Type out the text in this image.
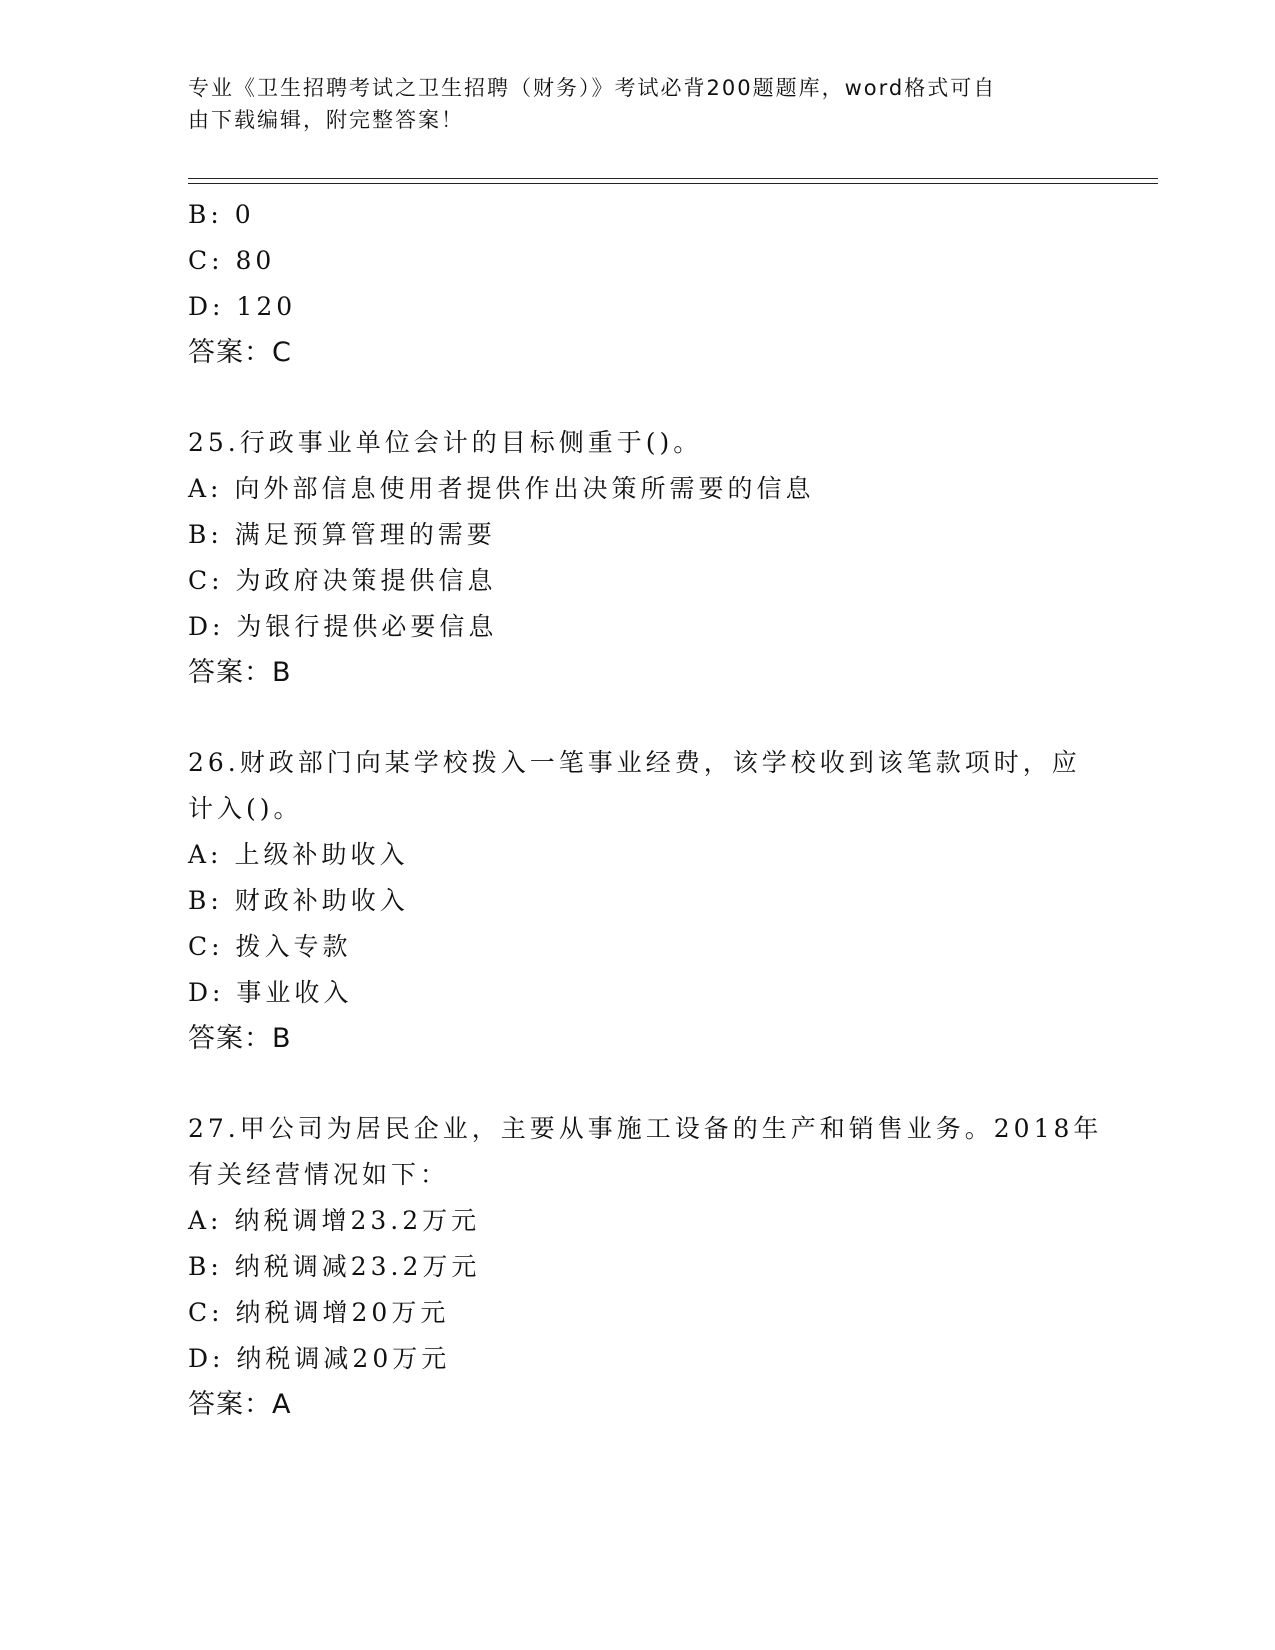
专业《卫生招聘考试之卫生招聘（财务）》考试必背200题题库，word格式可自
由下载编辑，附完整答案！
B: 0
C: 80
D: 120
答案：C
25.行政事业单位会计的目标侧重于()。
A: 向外部信息使用者提供作出决策所需要的信息
B: 满足预算管理的需要
C: 为政府决策提供信息
D: 为银行提供必要信息
答案：B
26.财政部门向某学校拨入一笔事业经费，该学校收到该笔款项时，应
计入()。
A: 上级补助收入
B: 财政补助收入
C: 拨入专款
D: 事业收入
答案：B
27.甲公司为居民企业，主要从事施工设备的生产和销售业务。2018年
有关经营情况如下：
A: 纳税调增23.2万元
B: 纳税调减23.2万元
C: 纳税调增20万元
D: 纳税调减20万元
答案：A
